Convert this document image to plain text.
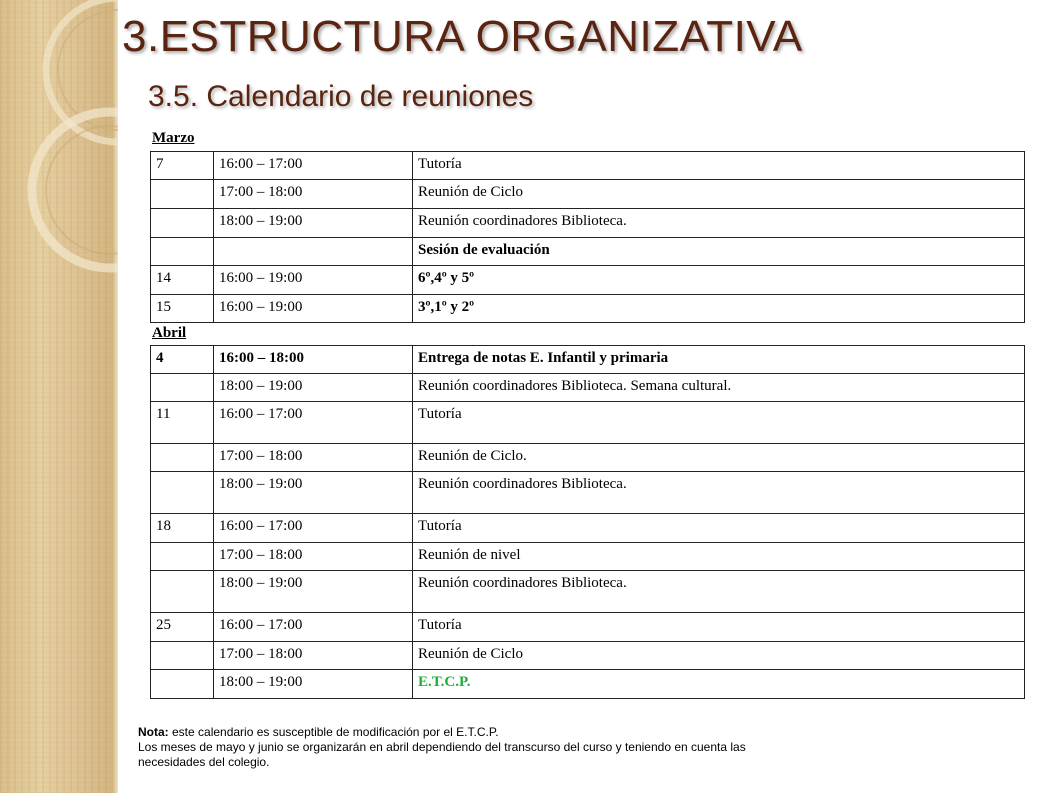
3.ESTRUCTURA ORGANIZATIVA
3.5. Calendario de reuniones
Marzo
7	16:00 – 17:00	Tutoría
	17:00 – 18:00	Reunión de Ciclo
	18:00 – 19:00	Reunión coordinadores Biblioteca.
		Sesión de evaluación
14	16:00 – 19:00	6º,4º y 5º
15	16:00 – 19:00	3º,1º y 2º
Abril
4	16:00 – 18:00	Entrega de notas E. Infantil y primaria
	18:00 – 19:00	Reunión coordinadores Biblioteca. Semana cultural.
11	16:00 – 17:00	Tutoría
	17:00 – 18:00	Reunión de Ciclo.
	18:00 – 19:00	Reunión coordinadores Biblioteca.
18	16:00 – 17:00	Tutoría
	17:00 – 18:00	Reunión de nivel
	18:00 – 19:00	Reunión coordinadores Biblioteca.
25	16:00 – 17:00	Tutoría
	17:00 – 18:00	Reunión de Ciclo
	18:00 – 19:00	E.T.C.P.

Nota: este calendario es susceptible de modificación por el E.T.C.P.

Los meses de mayo y junio se organizarán en abril dependiendo del transcurso del curso y teniendo en cuenta las

necesidades del colegio.
